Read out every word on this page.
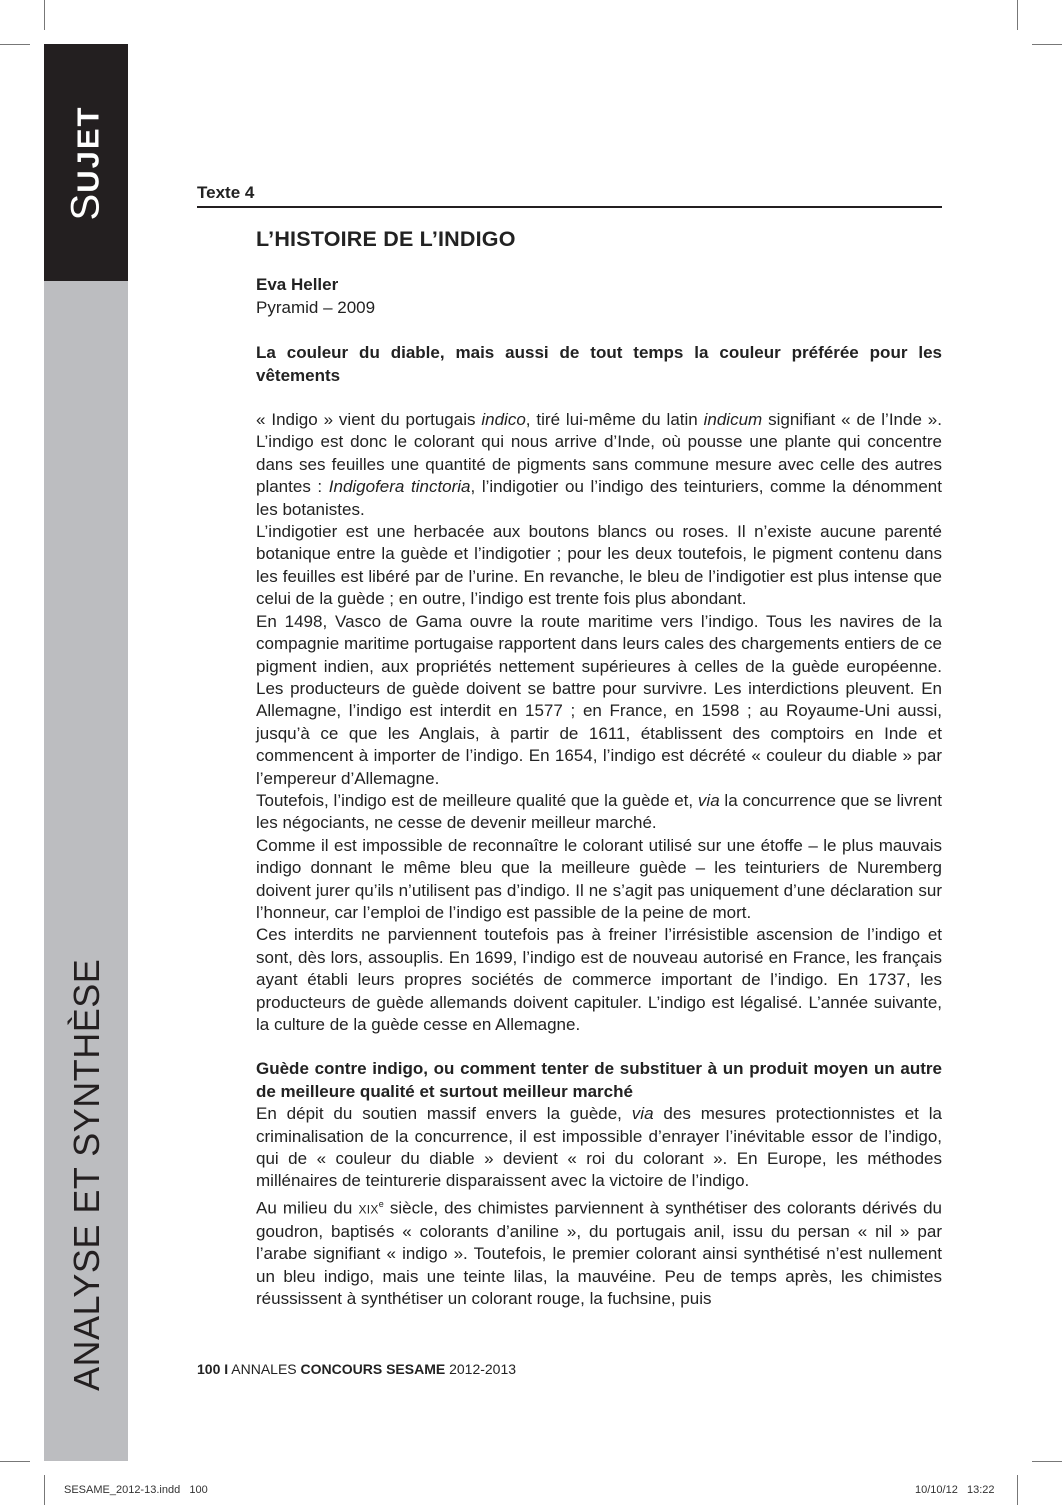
SUJET
ANALYSE ET SYNTHÈSE
Texte 4

L’HISTOIRE DE L’INDIGO

Eva Heller

Pyramid – 2009

La couleur du diable, mais aussi de tout temps la couleur préférée pour les vêtements

« Indigo » vient du portugais indico, tiré lui-même du latin indicum signifiant « de l’Inde ». L’indigo est donc le colorant qui nous arrive d’Inde, où pousse une plante qui concentre dans ses feuilles une quantité de pigments sans commune mesure avec celle des autres plantes : Indigofera tinctoria, l’indigotier ou l’indigo des teinturiers, comme la dénomment les botanistes.

L’indigotier est une herbacée aux boutons blancs ou roses. Il n’existe aucune parenté botanique entre la guède et l’indigotier ; pour les deux toutefois, le pigment contenu dans les feuilles est libéré par de l’urine. En revanche, le bleu de l’indigotier est plus intense que celui de la guède ; en outre, l’indigo est trente fois plus abondant.

En 1498, Vasco de Gama ouvre la route maritime vers l’indigo. Tous les navires de la compagnie maritime portugaise rapportent dans leurs cales des chargements entiers de ce pigment indien, aux propriétés nettement supérieures à celles de la guède européenne. Les producteurs de guède doivent se battre pour survivre. Les interdictions pleuvent. En Allemagne, l’indigo est interdit en 1577 ; en France, en 1598 ; au Royaume-Uni aussi, jusqu’à ce que les Anglais, à partir de 1611, établissent des comptoirs en Inde et commencent à importer de l’indigo. En 1654, l’indigo est décrété « couleur du diable » par l’empereur d’Allemagne.

Toutefois, l’indigo est de meilleure qualité que la guède et, via la concurrence que se livrent les négociants, ne cesse de devenir meilleur marché.

Comme il est impossible de reconnaître le colorant utilisé sur une étoffe – le plus mauvais indigo donnant le même bleu que la meilleure guède – les teinturiers de Nuremberg doivent jurer qu’ils n’utilisent pas d’indigo. Il ne s’agit pas uniquement d’une déclaration sur l’honneur, car l’emploi de l’indigo est passible de la peine de mort.

Ces interdits ne parviennent toutefois pas à freiner l’irrésistible ascension de l’indigo et sont, dès lors, assouplis. En 1699, l’indigo est de nouveau autorisé en France, les français ayant établi leurs propres sociétés de commerce important de l’indigo. En 1737, les producteurs de guède allemands doivent capituler. L’indigo est légalisé. L’année suivante, la culture de la guède cesse en Allemagne.

Guède contre indigo, ou comment tenter de substituer à un produit moyen un autre de meilleure qualité et surtout meilleur marché

En dépit du soutien massif envers la guède, via des mesures protectionnistes et la criminalisation de la concurrence, il est impossible d’enrayer l’inévitable essor de l’indigo, qui de « couleur du diable » devient « roi du colorant ». En Europe, les méthodes millénaires de teinturerie disparaissent avec la victoire de l’indigo.

Au milieu du XIXe siècle, des chimistes parviennent à synthétiser des colorants dérivés du goudron, baptisés « colorants d’aniline », du portugais anil, issu du persan « nil » par l’arabe signifiant « indigo ». Toutefois, le premier colorant ainsi synthétisé n’est nullement un bleu indigo, mais une teinte lilas, la mauvéine. Peu de temps après, les chimistes réussissent à synthétiser un colorant rouge, la fuchsine, puis

100 I ANNALES CONCOURS SESAME 2012-2013
SESAME_2012-13.indd   100	10/10/12   13:22
